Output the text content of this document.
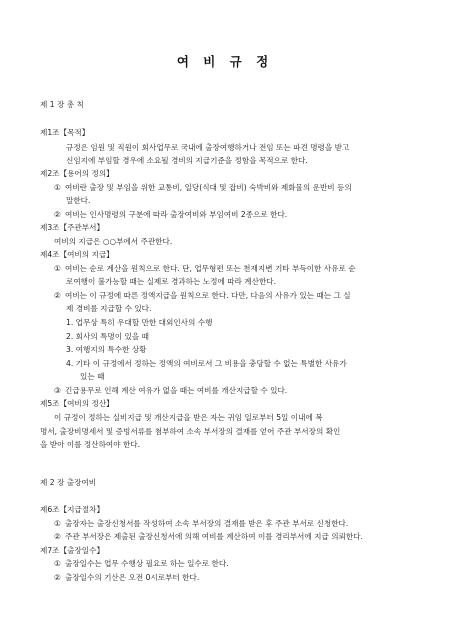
여 비 규 정
제 1 장 총 칙
제1조【목적】
규정은 임원 및 직원이 회사업무로 국내에 출장여행하거나 전임 또는 파견 명령을 받고
신임지에 부임할 경우에 소요될 경비의 지급기준을 정함을 목적으로 한다.
제2조【용어의 정의】
① 여비란 출장 및 부임을 위한 교통비, 일당(식대 및 잡비) 숙박비와 제화물의 운반비 등의
말한다.
② 여비는 인사명령의 구분에 따라 출장여비와 부임여비 2종으로 한다.
제3조【주관부서】
여비의 지급은 ○○부에서 주관한다.
제4조【여비의 지급】
① 여비는 순로 계산을 원칙으로 한다. 단, 업무형편 또는 천재지변 기타 부득이한 사유로 순
로여행이 불가능할 때는 실제로 경과하는 노정에 따라 계산한다.
② 여비는 이 규정에 따른 정액지급을 원칙으로 한다. 다만, 다음의 사유가 있는 때는 그 실
제 경비를 지급할 수 있다.
1. 업무상 특히 우대할 만한 대외인사의 수행
2. 회사의 특명이 있을 때
3. 여행지의 특수한 상황
4. 기타 이 규정에서 정하는 정액의 여비로서 그 비용을 충당할 수 없는 특별한 사유가
있는 때
③ 긴급용무로 인해 계산 여유가 없을 때는 여비를 개산지급할 수 있다.
제5조【여비의 정산】
이 규정이 정하는 실비지급 및 개산지급을 받은 자는 귀임 일로부터 5일 이내에 복
명서, 출장비명세서 및 증빙서류를 첨부하여 소속 부서장의 결재를 얻어 주관 부서장의 확인
을 받아 이를 정산하여야 한다.
제 2 장 출장여비
제6조【지급절차】
① 출장자는 출장신청서를 작성하여 소속 부서장의 결재를 받은 후 주관 부서로 신청한다.
② 주관 부서장은 제출된 출장신청서에 의해 여비를 계산하여 이를 경리부서에 지급 의뢰한다.
제7조【출장일수】
① 출장일수는 업무 수행상 필요로 하는 일수로 한다.
② 출장일수의 기산은 오전 0시로부터 한다.
